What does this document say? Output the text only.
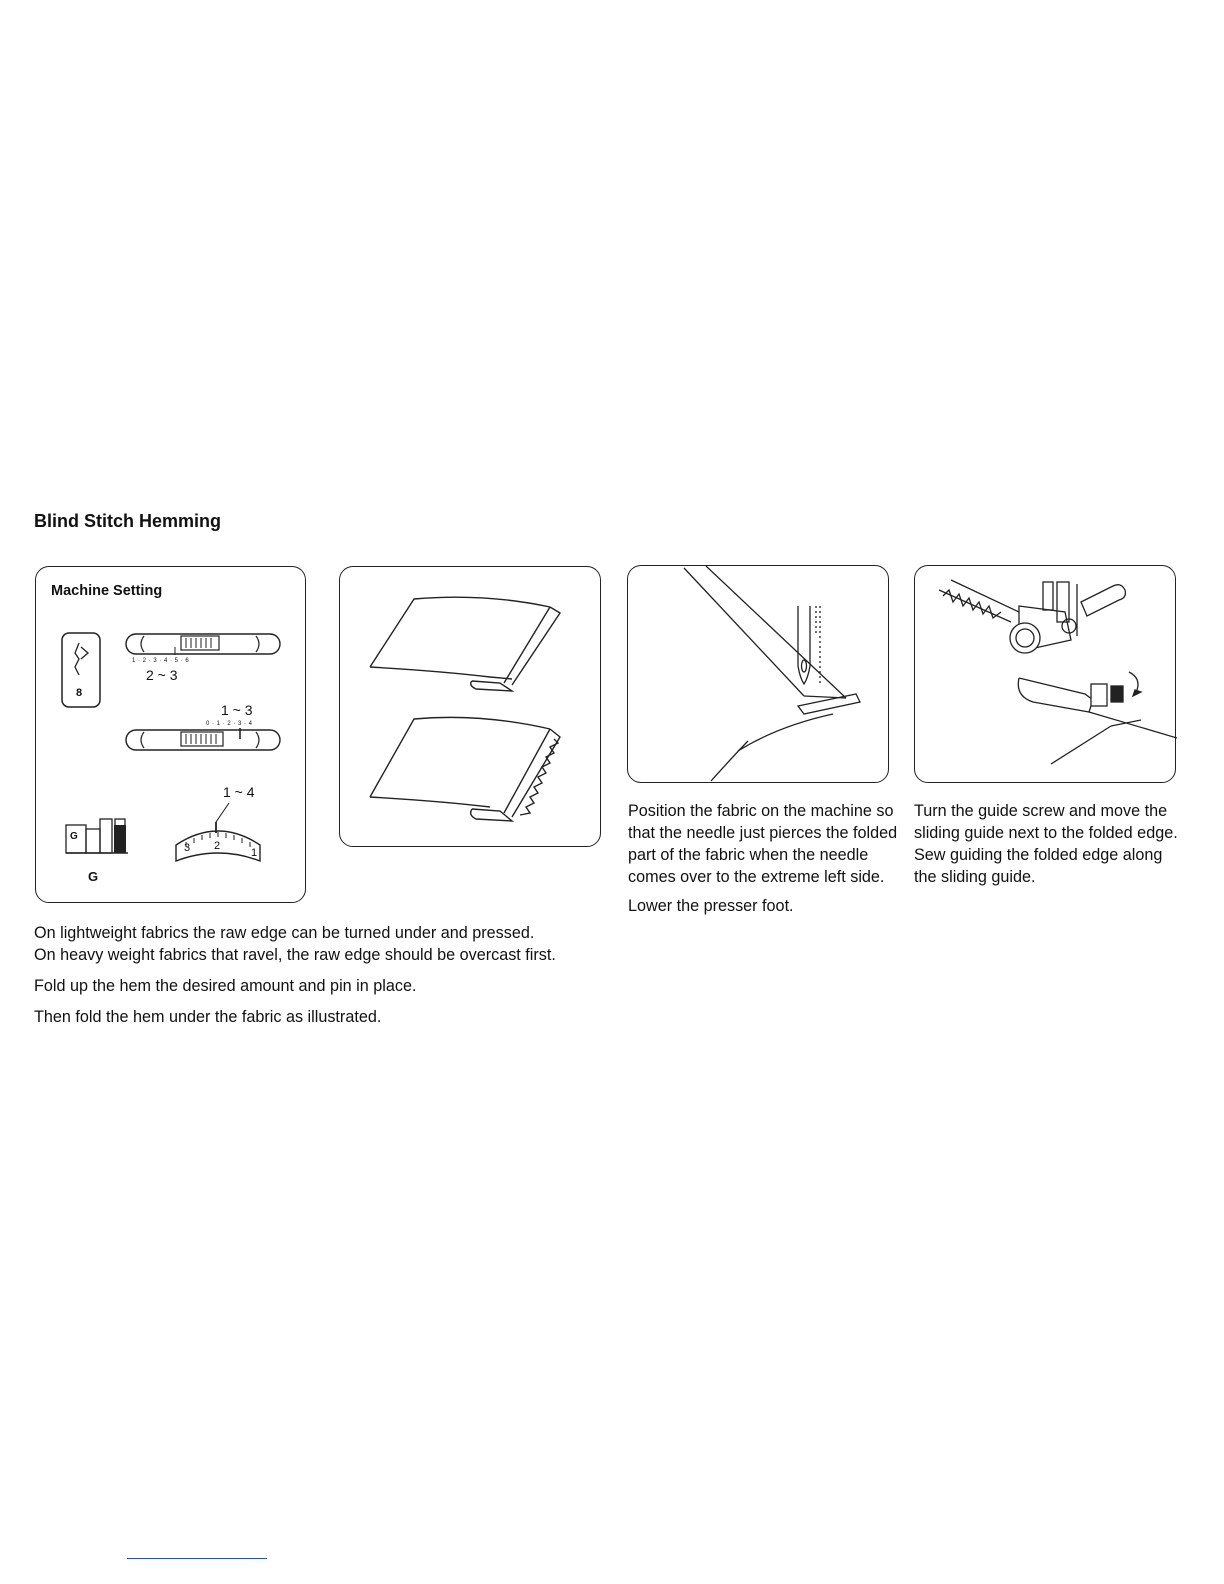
Blind Stitch Hemming
Machine Setting
8
1 · 2 · 3 · 4 · 5 · 6
2 ~ 3
1 ~ 3
0 · 1 · 2 · 3 · 4
1 ~ 4
3 2
1
G
G

On lightweight fabrics the raw edge can be turned under and pressed.
On heavy weight fabrics that ravel, the raw edge should be overcast first.

Fold up the hem the desired amount and pin in place.

Then fold the hem under the fabric as illustrated.

Position the fabric on the machine so that the needle just pierces the folded part of the fabric when the needle comes over to the extreme left side.

Lower the presser foot.

Turn the guide screw and move the sliding guide next to the folded edge. Sew guiding the folded edge along the sliding guide.
